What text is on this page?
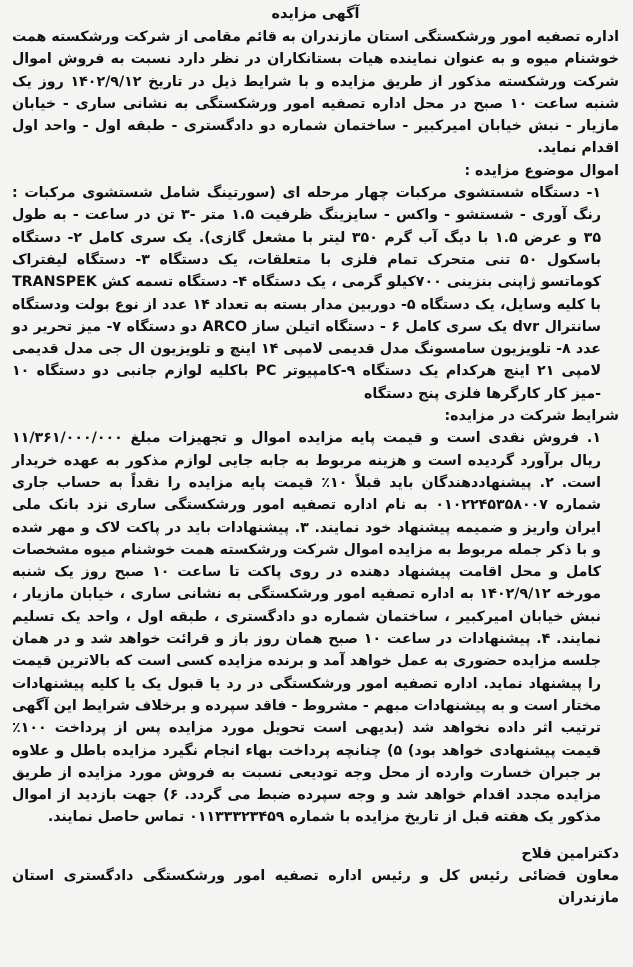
آگهی مزایده

اداره تصفیه امور ورشکستگی استان مازندران به قائم مقامی از شرکت ورشکسته همت خوشنام میوه و به عنوان نماینده هیات بستانکاران در نظر دارد نسبت به فروش اموال شرکت ورشکسته مذکور از طریق مزایده و با شرایط ذیل در تاریخ ۱۴۰۲/۹/۱۲ روز یک شنبه ساعت ۱۰ صبح در محل اداره تصفیه امور ورشکستگی به نشانی ساری - خیابان مازیار - نبش خیابان امیرکبیر - ساختمان شماره دو دادگستری - طبقه اول - واحد اول اقدام نماید.

اموال موضوع مزایده :

۱- دستگاه شستشوی مرکبات چهار مرحله ای (سورتینگ شامل شستشوی مرکبات : رنگ آوری - شستشو - واکس - سایزینگ ظرفیت ۱.۵ متر -۳ تن در ساعت - به طول ۳۵ و عرض ۱.۵ با دیگ آب گرم ۳۵۰ لیتر با مشعل گازی). یک سری کامل ۲- دستگاه باسکول ۵۰ تنی متحرک تمام فلزی با متعلقات، یک دستگاه ۳- دستگاه لیفتراک کوماتسو ژاپنی بنزینی ۷۰۰کیلو گرمی ، یک دستگاه ۴- دستگاه تسمه کش TRANSPEK با کلیه وسایل، یک دستگاه ۵- دوربین مدار بسته به تعداد ۱۴ عدد از نوع بولت ودستگاه سانترال dvr یک سری کامل ۶ - دستگاه اتیلن ساز ARCO دو دستگاه ۷- میز تحریر دو عدد ۸- تلویزیون سامسونگ مدل قدیمی لامپی ۱۴ اینچ و تلویزیون ال جی مدل قدیمی لامپی ۲۱ اینچ هرکدام یک دستگاه ۹-کامپیوتر PC باکلیه لوازم جانبی دو دستگاه ۱۰ -میز کار کارگرها فلزی پنج دستگاه

شرایط شرکت در مزایده:

۱. فروش نقدی است و قیمت پایه مزایده اموال و تجهیزات مبلغ ۱۱/۳۶۱/۰۰۰/۰۰۰ ریال برآورد گردیده است و هزینه مربوط به جابه جایی لوازم مذکور به عهده خریدار است. ۲. پیشنهاددهندگان باید قبلاً ۱۰٪ قیمت پایه مزایده را نقداً به حساب جاری شماره ۰۱۰۲۲۴۵۳۵۸۰۰۷ به نام اداره تصفیه امور ورشکستگی ساری نزد بانک ملی ایران واریز و ضمیمه پیشنهاد خود نمایند. ۳. پیشنهادات باید در پاکت لاک و مهر شده و با ذکر جمله مربوط به مزایده اموال شرکت ورشکسته همت خوشنام میوه مشخصات کامل و محل اقامت پیشنهاد دهنده در روی پاکت تا ساعت ۱۰ صبح روز یک شنبه مورخه ۱۴۰۲/۹/۱۲ به اداره تصفیه امور ورشکستگی به نشانی ساری ، خیابان مازیار ، نبش خیابان امیرکبیر ، ساختمان شماره دو دادگستری ، طبقه اول ، واحد یک تسلیم نمایند. ۴. پیشنهادات در ساعت ۱۰ صبح همان روز باز و قرائت خواهد شد و در همان جلسه مزایده حضوری به عمل خواهد آمد و برنده مزایده کسی است که بالاترین قیمت را پیشنهاد نماید. اداره تصفیه امور ورشکستگی در رد یا قبول یک یا کلیه پیشنهادات مختار است و به پیشنهادات مبهم - مشروط - فاقد سپرده و برخلاف شرایط این آگهی ترتیب اثر داده نخواهد شد (بدیهی است تحویل مورد مزایده پس از پرداخت ۱۰۰٪ قیمت پیشنهادی خواهد بود) ۵) چنانچه پرداخت بهاء انجام نگیرد مزایده باطل و علاوه بر جبران خسارت وارده از محل وجه تودیعی نسبت به فروش مورد مزایده از طریق مزایده مجدد اقدام خواهد شد و وجه سپرده ضبط می گردد. ۶) جهت بازدید از اموال مذکور یک هفته قبل از تاریخ مزایده با شماره ۰۱۱۳۳۳۲۳۴۵۹ تماس حاصل نمایند.

دکترامین فلاح
معاون قضائی رئیس کل و رئیس اداره تصفیه امور ورشکستگی دادگستری استان مازندران
